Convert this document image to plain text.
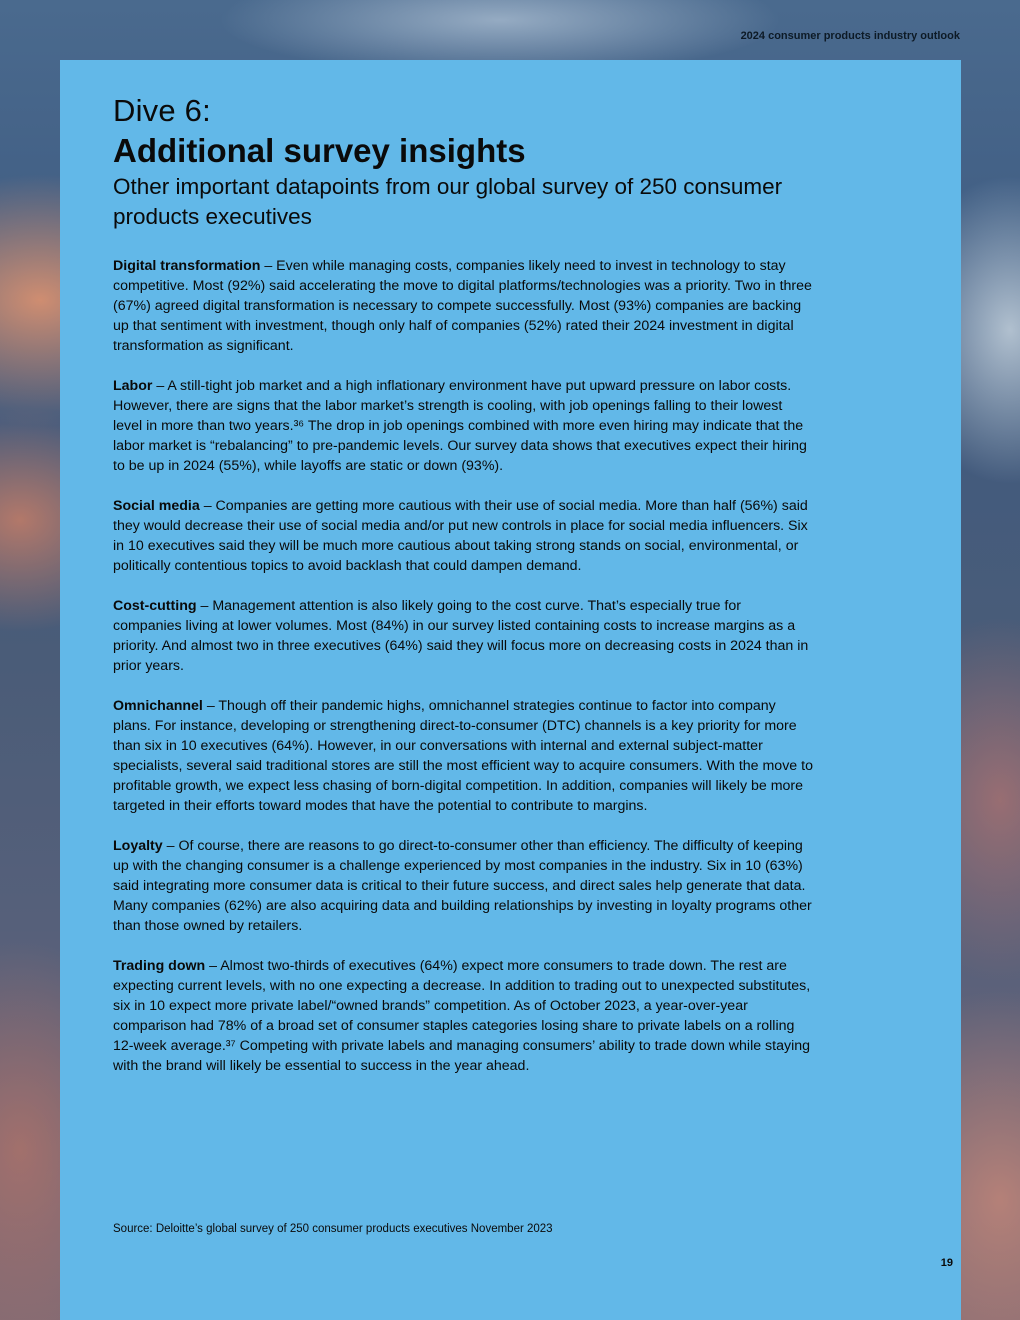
2024 consumer products industry outlook
Dive 6:
Additional survey insights

Other important datapoints from our global survey of 250 consumer products executives

Digital transformation – Even while managing costs, companies likely need to invest in technology to stay competitive. Most (92%) said accelerating the move to digital platforms/technologies was a priority. Two in three (67%) agreed digital transformation is necessary to compete successfully. Most (93%) companies are backing up that sentiment with investment, though only half of companies (52%) rated their 2024 investment in digital transformation as significant.

Labor – A still-tight job market and a high inflationary environment have put upward pressure on labor costs. However, there are signs that the labor market’s strength is cooling, with job openings falling to their lowest level in more than two years.³⁶ The drop in job openings combined with more even hiring may indicate that the labor market is “rebalancing” to pre-pandemic levels. Our survey data shows that executives expect their hiring to be up in 2024 (55%), while layoffs are static or down (93%).

Social media – Companies are getting more cautious with their use of social media. More than half (56%) said they would decrease their use of social media and/or put new controls in place for social media influencers. Six in 10 executives said they will be much more cautious about taking strong stands on social, environmental, or politically contentious topics to avoid backlash that could dampen demand.

Cost-cutting – Management attention is also likely going to the cost curve. That’s especially true for companies living at lower volumes. Most (84%) in our survey listed containing costs to increase margins as a priority. And almost two in three executives (64%) said they will focus more on decreasing costs in 2024 than in prior years.

Omnichannel – Though off their pandemic highs, omnichannel strategies continue to factor into company plans. For instance, developing or strengthening direct-to-consumer (DTC) channels is a key priority for more than six in 10 executives (64%). However, in our conversations with internal and external subject-matter specialists, several said traditional stores are still the most efficient way to acquire consumers. With the move to profitable growth, we expect less chasing of born-digital competition. In addition, companies will likely be more targeted in their efforts toward modes that have the potential to contribute to margins.

Loyalty – Of course, there are reasons to go direct-to-consumer other than efficiency. The difficulty of keeping up with the changing consumer is a challenge experienced by most companies in the industry. Six in 10 (63%) said integrating more consumer data is critical to their future success, and direct sales help generate that data. Many companies (62%) are also acquiring data and building relationships by investing in loyalty programs other than those owned by retailers.

Trading down – Almost two-thirds of executives (64%) expect more consumers to trade down. The rest are expecting current levels, with no one expecting a decrease. In addition to trading out to unexpected substitutes, six in 10 expect more private label/“owned brands” competition. As of October 2023, a year-over-year comparison had 78% of a broad set of consumer staples categories losing share to private labels on a rolling 12-week average.³⁷ Competing with private labels and managing consumers’ ability to trade down while staying with the brand will likely be essential to success in the year ahead.

Source: Deloitte’s global survey of 250 consumer products executives November 2023
19
